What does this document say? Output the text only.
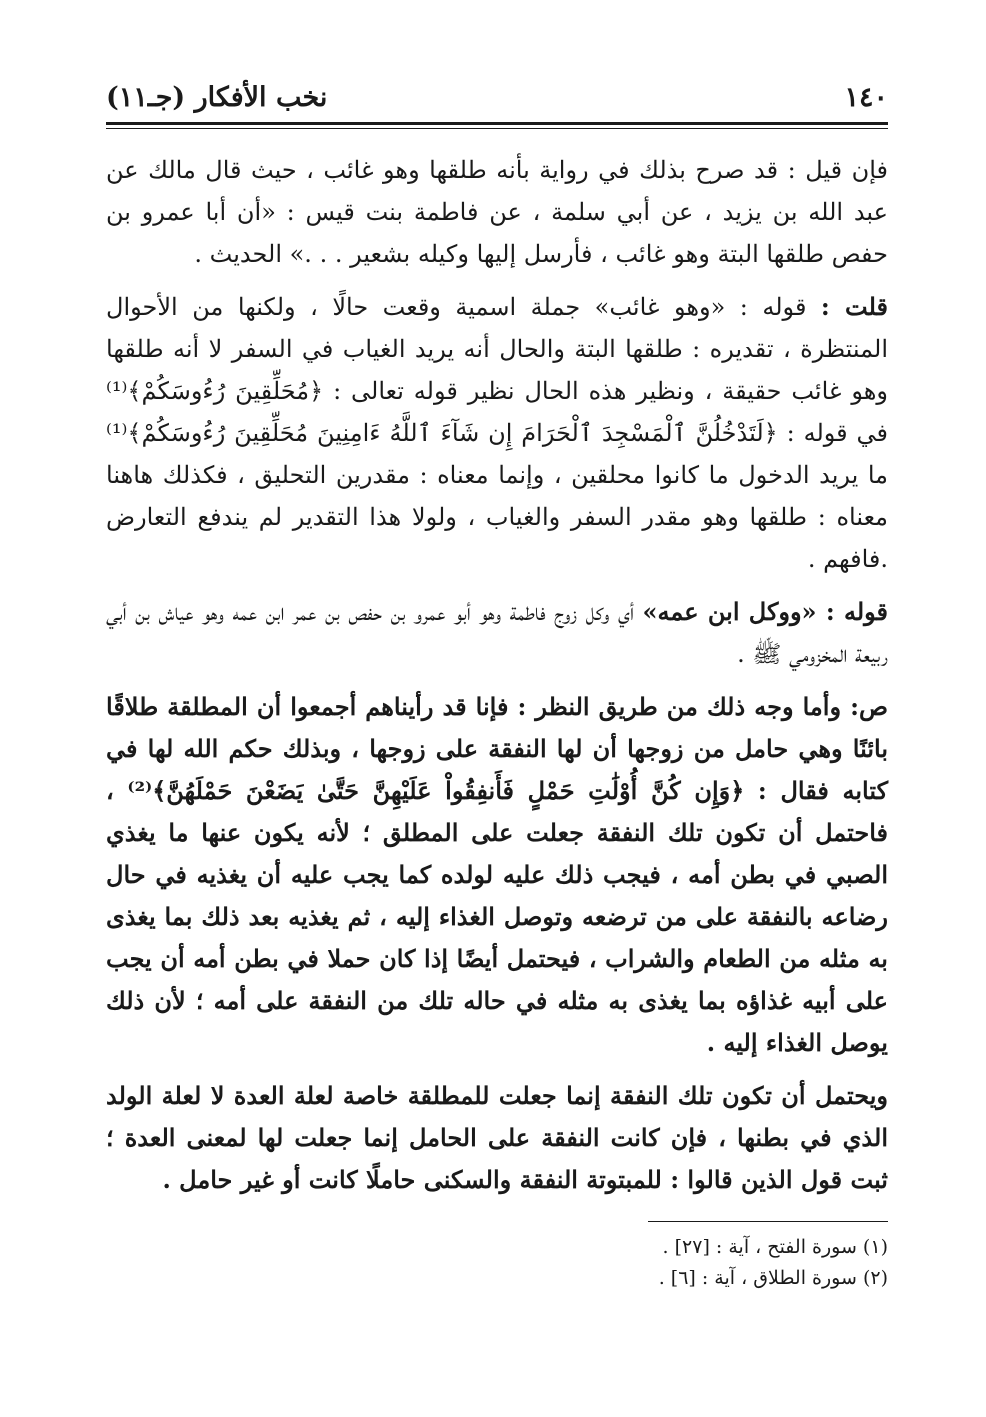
١٤٠
نخب الأفكار (جـ١١)

فإن قيل : قد صرح بذلك في رواية بأنه طلقها وهو غائب ، حيث قال مالك عن عبد الله بن يزيد ، عن أبي سلمة ، عن فاطمة بنت قيس : «أن أبا عمرو بن حفص طلقها البتة وهو غائب ، فأرسل إليها وكيله بشعير . . .» الحديث .

قلت : قوله : «وهو غائب» جملة اسمية وقعت حالًا ، ولكنها من الأحوال المنتظرة ، تقديره : طلقها البتة والحال أنه يريد الغياب في السفر لا أنه طلقها وهو غائب حقيقة ، ونظير هذه الحال نظير قوله تعالى : ﴿مُحَلِّقِينَ رُءُوسَكُمْ﴾⁽¹⁾ في قوله : ﴿لَتَدْخُلُنَّ ٱلْمَسْجِدَ ٱلْحَرَامَ إِن شَآءَ ٱللَّهُ ءَامِنِينَ مُحَلِّقِينَ رُءُوسَكُمْ﴾⁽¹⁾ ما يريد الدخول ما كانوا محلقين ، وإنما معناه : مقدرين التحليق ، فكذلك هاهنا معناه : طلقها وهو مقدر السفر والغياب ، ولولا هذا التقدير لم يندفع التعارض .فافهم .

قوله : «ووكل ابن عمه» أي وكل زوج فاطمة وهو أبو عمرو بن حفص بن عمر ابن عمه وهو عياش بن أبي ربيعة المخزومي ﷺ .

ص: وأما وجه ذلك من طريق النظر : فإنا قد رأيناهم أجمعوا أن المطلقة طلاقًا بائنًا وهي حامل من زوجها أن لها النفقة على زوجها ، وبذلك حكم الله لها في كتابه فقال : ﴿وَإِن كُنَّ أُوْلَٰتِ حَمْلٍ فَأَنفِقُواْ عَلَيْهِنَّ حَتَّىٰ يَضَعْنَ حَمْلَهُنَّ﴾⁽²⁾ ، فاحتمل أن تكون تلك النفقة جعلت على المطلق ؛ لأنه يكون عنها ما يغذي الصبي في بطن أمه ، فيجب ذلك عليه لولده كما يجب عليه أن يغذيه في حال رضاعه بالنفقة على من ترضعه وتوصل الغذاء إليه ، ثم يغذيه بعد ذلك بما يغذى به مثله من الطعام والشراب ، فيحتمل أيضًا إذا كان حملا في بطن أمه أن يجب على أبيه غذاؤه بما يغذى به مثله في حاله تلك من النفقة على أمه ؛ لأن ذلك يوصل الغذاء إليه .

ويحتمل أن تكون تلك النفقة إنما جعلت للمطلقة خاصة لعلة العدة لا لعلة الولد الذي في بطنها ، فإن كانت النفقة على الحامل إنما جعلت لها لمعنى العدة ؛ ثبت قول الذين قالوا : للمبتوتة النفقة والسكنى حاملًا كانت أو غير حامل .

(١) سورة الفتح ، آية : [٢٧] .

(٢) سورة الطلاق ، آية : [٦] .
